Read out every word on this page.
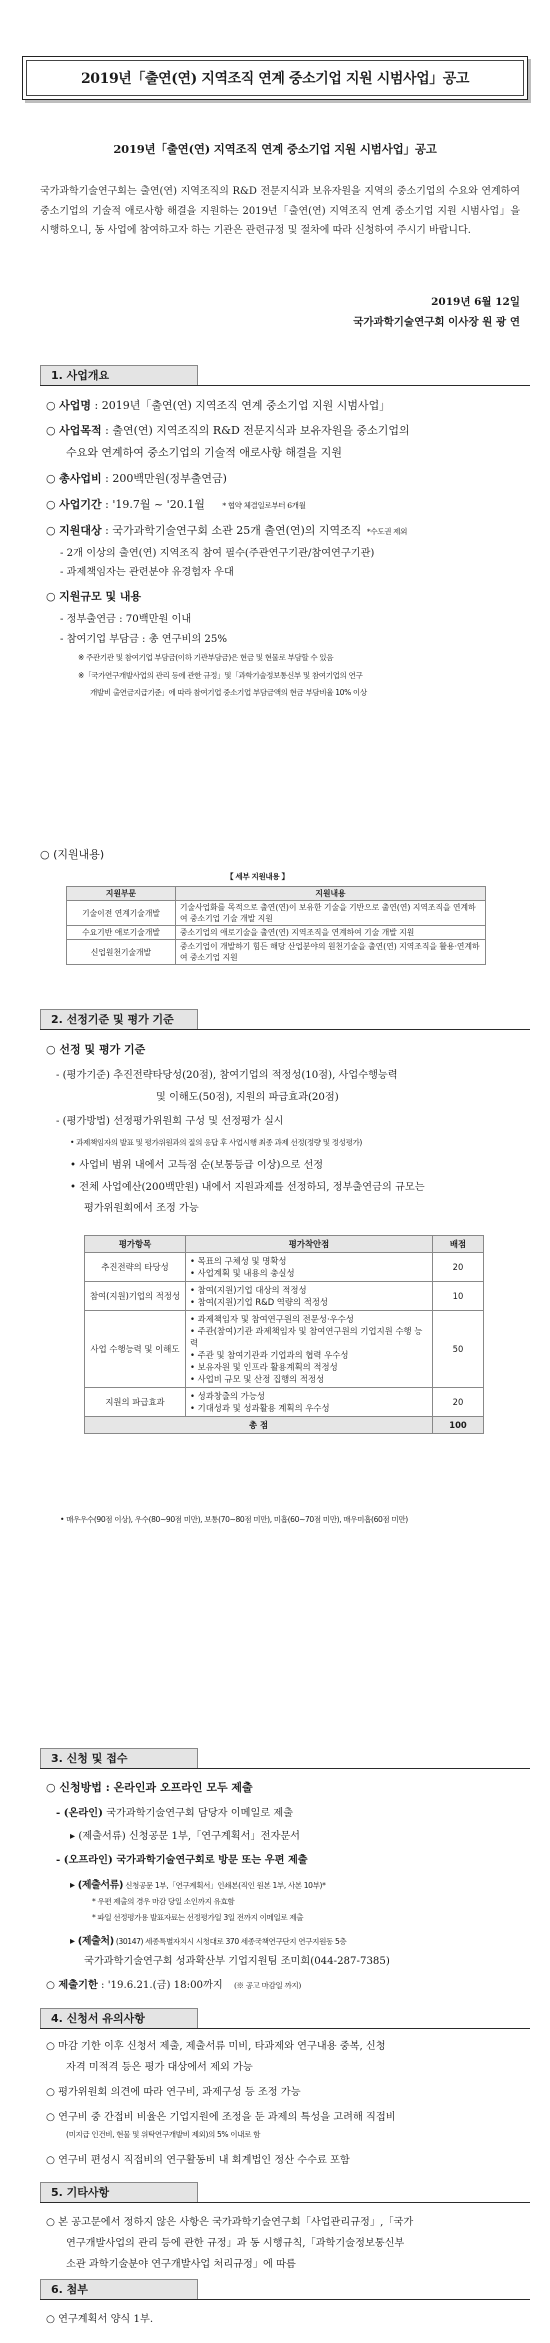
2019년「출연(연) 지역조직 연계 중소기업 지원 시범사업」공고
2019년「출연(연) 지역조직 연계 중소기업 지원 시범사업」공고
국가과학기술연구회는 출연(연) 지역조직의 R&D 전문지식과 보유자원을 지역의 중소기업의 수요와 연계하여 중소기업의 기술적 애로사항 해결을 지원하는 2019년「출연(연) 지역조직 연계 중소기업 지원 시범사업」을 시행하오니, 동 사업에 참여하고자 하는 기관은 관련규정 및 절차에 따라 신청하여 주시기 바랍니다.
2019년 6월 12일
국가과학기술연구회 이사장 원 광 연
1. 사업개요
○ 사업명 : 2019년「출연(연) 지역조직 연계 중소기업 지원 시범사업」
○ 사업목적 : 출연(연) 지역조직의 R&D 전문지식과 보유자원을 중소기업의
수요와 연계하여 중소기업의 기술적 애로사항 해결을 지원
○ 총사업비 : 200백만원(정부출연금)
○ 사업기간 : '19.7월 ~ '20.1월 * 협약 체결일로부터 6개월
○ 지원대상 : 국가과학기술연구회 소관 25개 출연(연)의 지역조직 *수도권 제외
- 2개 이상의 출연(연) 지역조직 참여 필수(주관연구기관/참여연구기관)
- 과제책임자는 관련분야 유경험자 우대
○ 지원규모 및 내용
- 정부출연금 : 70백만원 이내
- 참여기업 부담금 : 총 연구비의 25%
※ 주관기관 및 참여기업 부담금(이하 기관부담금)은 현금 및 현물로 부담할 수 있음
※「국가연구개발사업의 관리 등에 관한 규정」및「과학기술정보통신부 및 참여기업의 연구
개발비 출연금지급기준」에 따라 참여기업 중소기업 부담금액의 현금 부담비율 10% 이상
○ (지원내용)
【 세부 지원내용 】
지원부문	지원내용
기술이전 연계기술개발	기술사업화를 목적으로 출연(연)이 보유한 기술을 기반으로 출연(연) 지역조직을 연계하여 중소기업 기술 개발 지원
수요기반 애로기술개발	중소기업의 애로기술을 출연(연) 지역조직을 연계하여 기술 개발 지원
신업원천기술개발	중소기업이 개발하기 힘든 해당 산업분야의 원천기술을 출연(연) 지역조직을 활용·연계하여 중소기업 지원
2. 선정기준 및 평가 기준
○ 선정 및 평가 기준
- (평가기준) 추진전략타당성(20점), 참여기업의 적정성(10점), 사업수행능력
및 이해도(50점), 지원의 파급효과(20점)
- (평가방법) 선정평가위원회 구성 및 선정평가 실시
• 과제책임자의 발표 및 평가위원과의 질의 응답 후 사업시행 최종 과제 선정(정량 및 정성평가)
• 사업비 범위 내에서 고득점 순(보통등급 이상)으로 선정
• 전체 사업예산(200백만원) 내에서 지원과제를 선정하되, 정부출연금의 규모는
평가위원회에서 조정 가능
평가항목	평가착안점	배점
추진전략의 타당성	• 목표의 구체성 및 명확성
• 사업계획 및 내용의 충실성	20
참여(지원)기업의 적정성	• 참여(지원)기업 대상의 적정성
• 참여(지원)기업 R&D 역량의 적정성	10
사업 수행능력 및 이해도	• 과제책임자 및 참여연구원의 전문성·우수성
• 주관(참여)기관 과제책임자 및 참여연구원의 기업지원 수행 능력
• 주관 및 참여기관과 기업과의 협력 우수성
• 보유자원 및 인프라 활용계획의 적정성
• 사업비 규모 및 산정 집행의 적정성	50
지원의 파급효과	• 성과창출의 가능성
• 기대성과 및 성과활용 계획의 우수성	20
총 점		100
• 매우우수(90점 이상), 우수(80~90점 미만), 보통(70~80점 미만), 미흡(60~70점 미만), 매우미흡(60점 미만)
3. 신청 및 접수
○ 신청방법 : 온라인과 오프라인 모두 제출
- (온라인) 국가과학기술연구회 담당자 이메일로 제출
▸ (제출서류) 신청공문 1부,「연구계획서」전자문서
- (오프라인) 국가과학기술연구회로 방문 또는 우편 제출
▸ (제출서류) 신청공문 1부,「연구계획서」인쇄본(직인 원본 1부, 사본 10부)*
* 우편 제출의 경우 마감 당일 소인까지 유효함
* 파일 선정평가용 발표자료는 선정평가일 3일 전까지 이메일로 제출
▸ (제출처) (30147) 세종특별자치시 시청대로 370 세종국책연구단지 연구지원동 5층
국가과학기술연구회 성과확산부 기업지원팀 조미희(044-287-7385)
○ 제출기한 : '19.6.21.(금) 18:00까지 (※ 공고 마감일 까지)
4. 신청서 유의사항
○ 마감 기한 이후 신청서 제출, 제출서류 미비, 타과제와 연구내용 중복, 신청
자격 미적격 등은 평가 대상에서 제외 가능
○ 평가위원회 의견에 따라 연구비, 과제구성 등 조정 가능
○ 연구비 중 간접비 비율은 기업지원에 조정을 둔 과제의 특성을 고려해 직접비
(미지급 인건비, 현물 및 위탁연구개발비 제외)의 5% 이내로 함
○ 연구비 편성시 직접비의 연구활동비 내 회계법인 정산 수수료 포함
5. 기타사항
○ 본 공고문에서 정하지 않은 사항은 국가과학기술연구회「사업관리규정」,「국가
연구개발사업의 관리 등에 관한 규정」과 동 시행규칙,「과학기술정보통신부
소관 과학기술분야 연구개발사업 처리규정」에 따름
6. 첨부
○ 연구계획서 양식 1부.
